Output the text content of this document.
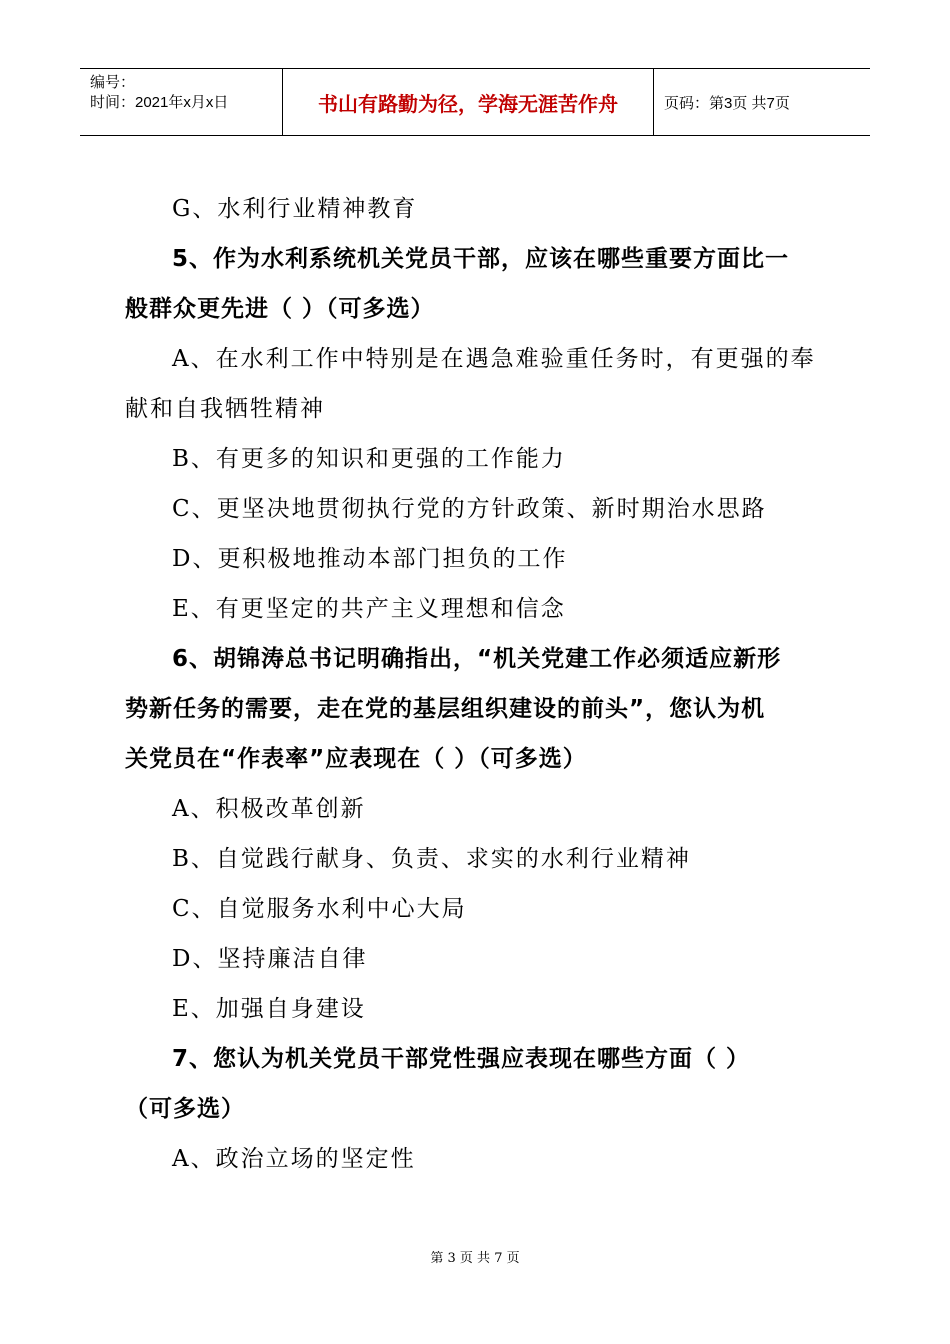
编号：
时间：2021年x月x日	书山有路勤为径，学海无涯苦作舟	页码：第3页 共7页
G、水利行业精神教育
5、作为水利系统机关党员干部，应该在哪些重要方面比一
般群众更先进（ ）（可多选）
A、在水利工作中特别是在遇急难验重任务时，有更强的奉
献和自我牺牲精神
B、有更多的知识和更强的工作能力
C、更坚决地贯彻执行党的方针政策、新时期治水思路
D、更积极地推动本部门担负的工作
E、有更坚定的共产主义理想和信念
6、胡锦涛总书记明确指出，“机关党建工作必须适应新形
势新任务的需要，走在党的基层组织建设的前头”，您认为机
关党员在“作表率”应表现在（ ）（可多选）
A、积极改革创新
B、自觉践行献身、负责、求实的水利行业精神
C、自觉服务水利中心大局
D、坚持廉洁自律
E、加强自身建设
7、您认为机关党员干部党性强应表现在哪些方面（ ）
（可多选）
A、政治立场的坚定性
第 3 页 共 7 页
